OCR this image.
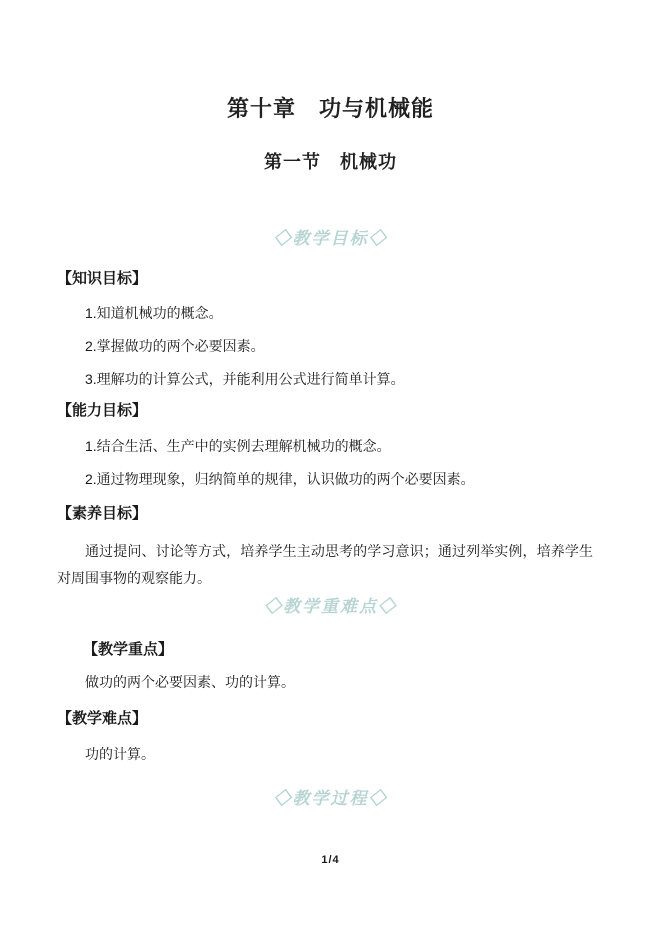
第十章　功与机械能
第一节　机械功
◇教学目标◇
【知识目标】
1.知道机械功的概念。
2.掌握做功的两个必要因素。
3.理解功的计算公式，并能利用公式进行简单计算。
【能力目标】
1.结合生活、生产中的实例去理解机械功的概念。
2.通过物理现象，归纳简单的规律，认识做功的两个必要因素。
【素养目标】
通过提问、讨论等方式，培养学生主动思考的学习意识；通过列举实例，培养学生对周围事物的观察能力。
◇教学重难点◇
【教学重点】
做功的两个必要因素、功的计算。
【教学难点】
功的计算。
◇教学过程◇
1/4
